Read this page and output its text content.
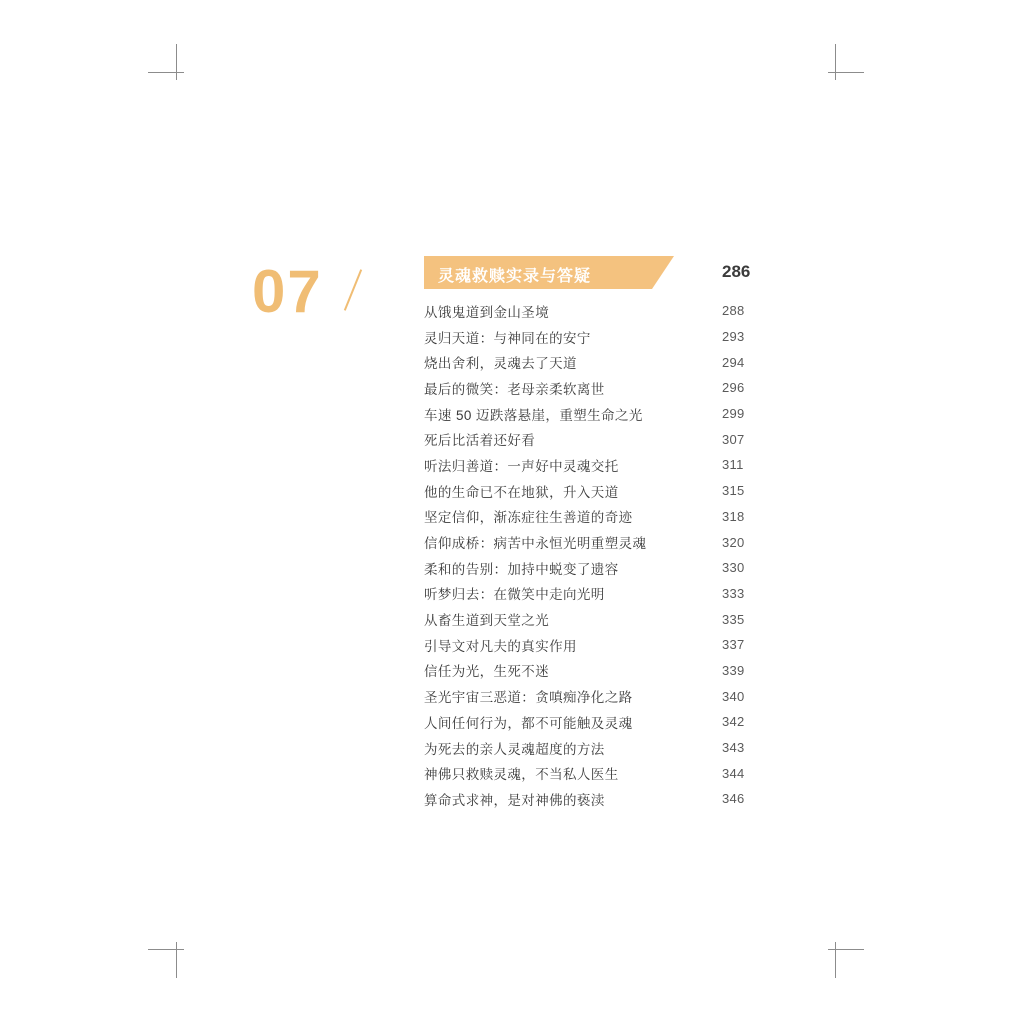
07	灵魂救赎实录与答疑	286
从饿鬼道到金山圣境	288
灵归天道：与神同在的安宁	293
烧出舍利，灵魂去了天道	294
最后的微笑：老母亲柔软离世	296
车速 50 迈跌落悬崖，重塑生命之光	299
死后比活着还好看	307
听法归善道：一声好中灵魂交托	311
他的生命已不在地狱，升入天道	315
坚定信仰，渐冻症往生善道的奇迹	318
信仰成桥：病苦中永恒光明重塑灵魂	320
柔和的告别：加持中蜕变了遗容	330
听梦归去：在微笑中走向光明	333
从畜生道到天堂之光	335
引导文对凡夫的真实作用	337
信任为光，生死不迷	339
圣光宇宙三恶道：贪嗔痴净化之路	340
人间任何行为，都不可能触及灵魂	342
为死去的亲人灵魂超度的方法	343
神佛只救赎灵魂，不当私人医生	344
算命式求神，是对神佛的亵渎	346
